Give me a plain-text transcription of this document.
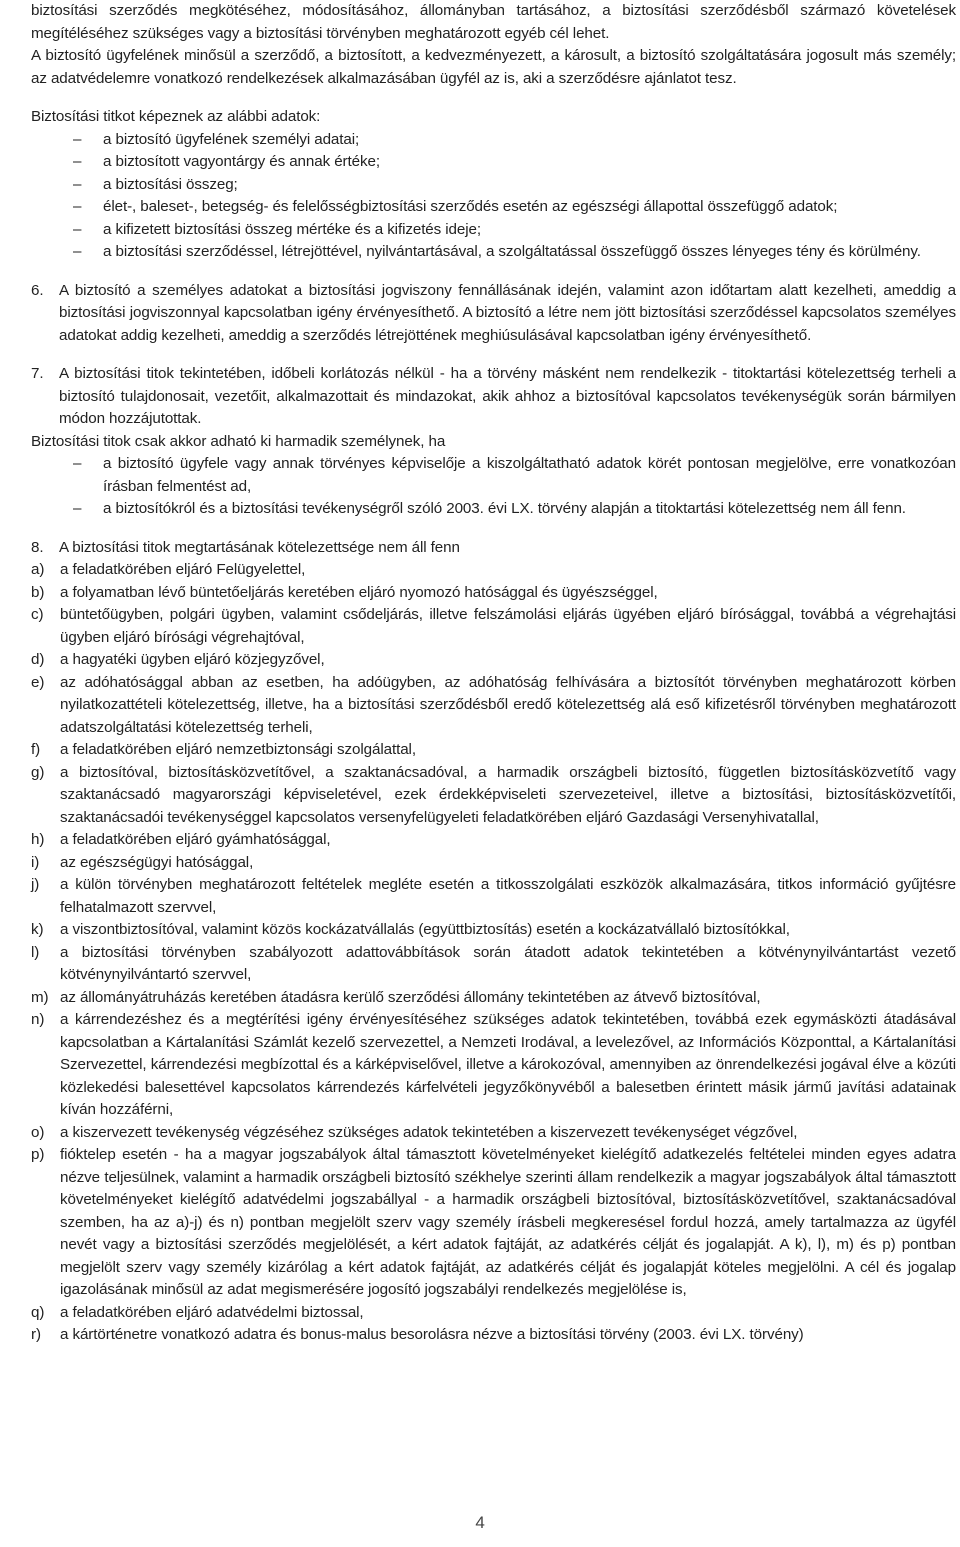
biztosítási szerződés megkötéséhez, módosításához, állományban tartásához, a biztosítási szerződésből származó követelések megítéléséhez szükséges vagy a biztosítási törvényben meghatározott egyéb cél lehet.

A biztosító ügyfelének minősül a szerződő, a biztosított, a kedvezményezett, a károsult, a biztosító szolgáltatására jogosult más személy; az adatvédelemre vonatkozó rendelkezések alkalmazásában ügyfél az is, aki a szerződésre ajánlatot tesz.

Biztosítási titkot képeznek az alábbi adatok:

–	a biztosító ügyfelének személyi adatai;
–	a biztosított vagyontárgy és annak értéke;
–	a biztosítási összeg;
–	élet-, baleset-, betegség- és felelősségbiztosítási szerződés esetén az egészségi állapottal összefüggő adatok;
–	a kifizetett biztosítási összeg mértéke és a kifizetés ideje;
–	a biztosítási szerződéssel, létrejöttével, nyilvántartásával, a szolgáltatással összefüggő összes lényeges tény és körülmény.
6.	A biztosító a személyes adatokat a biztosítási jogviszony fennállásának idején, valamint azon időtartam alatt kezelheti, ameddig a biztosítási jogviszonnyal kapcsolatban igény érvényesíthető. A biztosító a létre nem jött biztosítási szerződéssel kapcsolatos személyes adatokat addig kezelheti, ameddig a szerződés létrejöttének meghiúsulásával kapcsolatban igény érvényesíthető.
7.	A biztosítási titok tekintetében, időbeli korlátozás nélkül - ha a törvény másként nem rendelkezik - titoktartási kötelezettség terheli a biztosító tulajdonosait, vezetőit, alkalmazottait és mindazokat, akik ahhoz a biztosítóval kapcsolatos tevékenységük során bármilyen módon hozzájutottak.

Biztosítási titok csak akkor adható ki harmadik személynek, ha

–	a biztosító ügyfele vagy annak törvényes képviselője a kiszolgáltatható adatok körét pontosan megjelölve, erre vonatkozóan írásban felmentést ad,
–	a biztosítókról és a biztosítási tevékenységről szóló 2003. évi LX. törvény alapján a titoktartási kötelezettség nem áll fenn.
8.	A biztosítási titok megtartásának kötelezettsége nem áll fenn
a)	a feladatkörében eljáró Felügyelettel,
b)	a folyamatban lévő büntetőeljárás keretében eljáró nyomozó hatósággal és ügyészséggel,
c)	büntetőügyben, polgári ügyben, valamint csődeljárás, illetve felszámolási eljárás ügyében eljáró bírósággal, továbbá a végrehajtási ügyben eljáró bírósági végrehajtóval,
d)	a hagyatéki ügyben eljáró közjegyzővel,
e)	az adóhatósággal abban az esetben, ha adóügyben, az adóhatóság felhívására a biztosítót törvényben meghatározott körben nyilatkozattételi kötelezettség, illetve, ha a biztosítási szerződésből eredő kötelezettség alá eső kifizetésről törvényben meghatározott adatszolgáltatási kötelezettség terheli,
f)	a feladatkörében eljáró nemzetbiztonsági szolgálattal,
g)	a biztosítóval, biztosításközvetítővel, a szaktanácsadóval, a harmadik országbeli biztosító, független biztosításközvetítő vagy szaktanácsadó magyarországi képviseletével, ezek érdekképviseleti szervezeteivel, illetve a biztosítási, biztosításközvetítői, szaktanácsadói tevékenységgel kapcsolatos versenyfelügyeleti feladatkörében eljáró Gazdasági Versenyhivatallal,
h)	a feladatkörében eljáró gyámhatósággal,
i)	az egészségügyi hatósággal,
j)	a külön törvényben meghatározott feltételek megléte esetén a titkosszolgálati eszközök alkalmazására, titkos információ gyűjtésre felhatalmazott szervvel,
k)	a viszontbiztosítóval, valamint közös kockázatvállalás (együttbiztosítás) esetén a kockázatvállaló biztosítókkal,
l)	a biztosítási törvényben szabályozott adattovábbítások során átadott adatok tekintetében a kötvénynyilvántartást vezető kötvénynyilvántartó szervvel,
m) az állományátruházás keretében átadásra kerülő szerződési állomány tekintetében az átvevő biztosítóval,
n)	a kárrendezéshez és a megtérítési igény érvényesítéséhez szükséges adatok tekintetében, továbbá ezek egymásközti átadásával kapcsolatban a Kártalanítási Számlát kezelő szervezettel, a Nemzeti Irodával, a levelezővel, az Információs Központtal, a Kártalanítási Szervezettel, kárrendezési megbízottal és a kárképviselővel, illetve a károkozóval, amennyiben az önrendelkezési jogával élve a közúti közlekedési balesettével kapcsolatos kárrendezés kárfelvételi jegyzőkönyvéből a balesetben érintett másik jármű javítási adatainak kíván hozzáférni,
o)	a kiszervezett tevékenység végzéséhez szükséges adatok tekintetében a kiszervezett tevékenységet végzővel,
p)	fióktelep esetén - ha a magyar jogszabályok által támasztott követelményeket kielégítő adatkezelés feltételei minden egyes adatra nézve teljesülnek, valamint a harmadik országbeli biztosító székhelye szerinti állam rendelkezik a magyar jogszabályok által támasztott követelményeket kielégítő adatvédelmi jogszabállyal - a harmadik országbeli biztosítóval, biztosításközvetítővel, szaktanácsadóval szemben, ha az a)-j) és n) pontban megjelölt szerv vagy személy írásbeli megkeresésel fordul hozzá, amely tartalmazza az ügyfél nevét vagy a biztosítási szerződés megjelölését, a kért adatok fajtáját, az adatkérés célját és jogalapját. A k), l), m) és p) pontban megjelölt szerv vagy személy kizárólag a kért adatok fajtáját, az adatkérés célját és jogalapját köteles megjelölni. A cél és jogalap igazolásának minősül az adat megismerésére jogosító jogszabályi rendelkezés megjelölése is,
q)	a feladatkörében eljáró adatvédelmi biztossal,
r)	a kártörténetre vonatkozó adatra és bonus-malus besorolásra nézve a biztosítási törvény (2003. évi LX. törvény)
4
